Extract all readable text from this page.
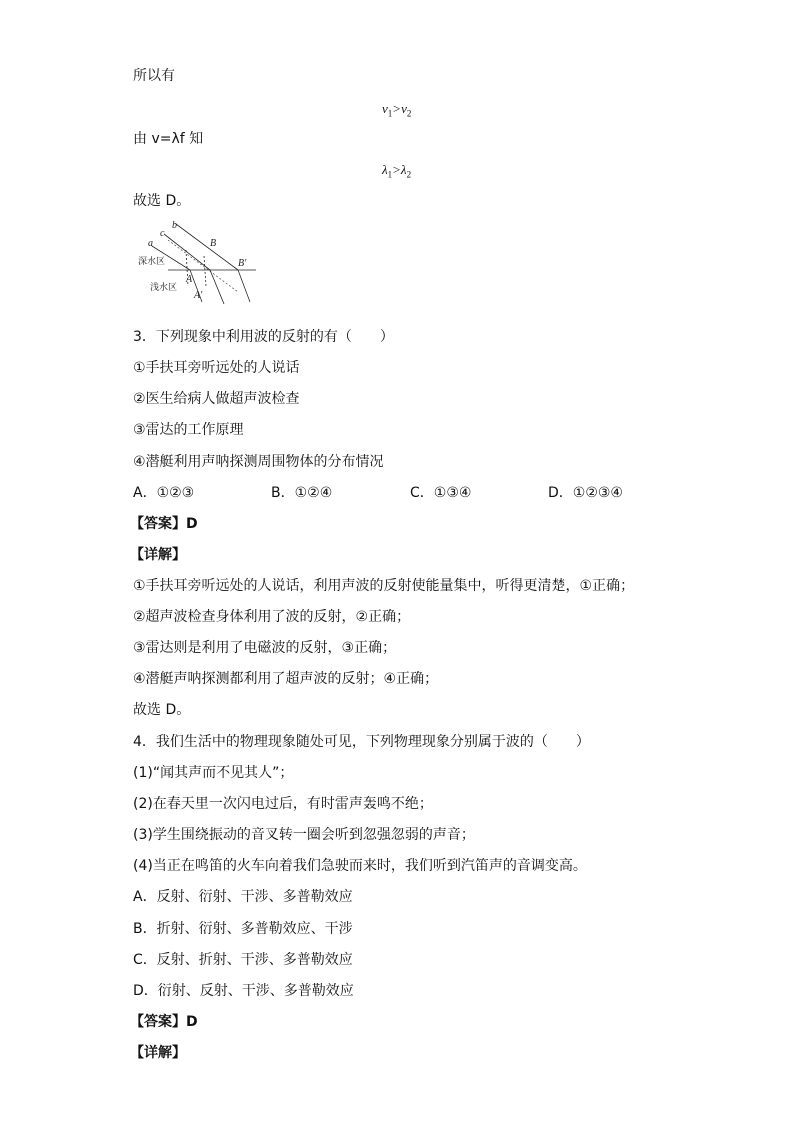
所以有
$v_1>v_2$
由 v=λf 知
$\lambda_1>\lambda_2$
故选 D。
深水区
浅水区
a
b
c
B
B'
A
A'
3．下列现象中利用波的反射的有（　　）
①手扶耳旁听远处的人说话
②医生给病人做超声波检查
③雷达的工作原理
④潜艇利用声呐探测周围物体的分布情况
A．①②③	B．①②④	C．①③④	D．①②③④
【答案】D
【详解】
①手扶耳旁听远处的人说话，利用声波的反射使能量集中，听得更清楚，①正确；
②超声波检查身体利用了波的反射，②正确；
③雷达则是利用了电磁波的反射，③正确；
④潜艇声呐探测都利用了超声波的反射；④正确；
故选 D。
4．我们生活中的物理现象随处可见，下列物理现象分别属于波的（　　）
(1)“闻其声而不见其人”；
(2)在春天里一次闪电过后，有时雷声轰鸣不绝；
(3)学生围绕振动的音叉转一圈会听到忽强忽弱的声音；
(4)当正在鸣笛的火车向着我们急驶而来时，我们听到汽笛声的音调变高。
A．反射、衍射、干涉、多普勒效应
B．折射、衍射、多普勒效应、干涉
C．反射、折射、干涉、多普勒效应
D．衍射、反射、干涉、多普勒效应
【答案】D
【详解】
